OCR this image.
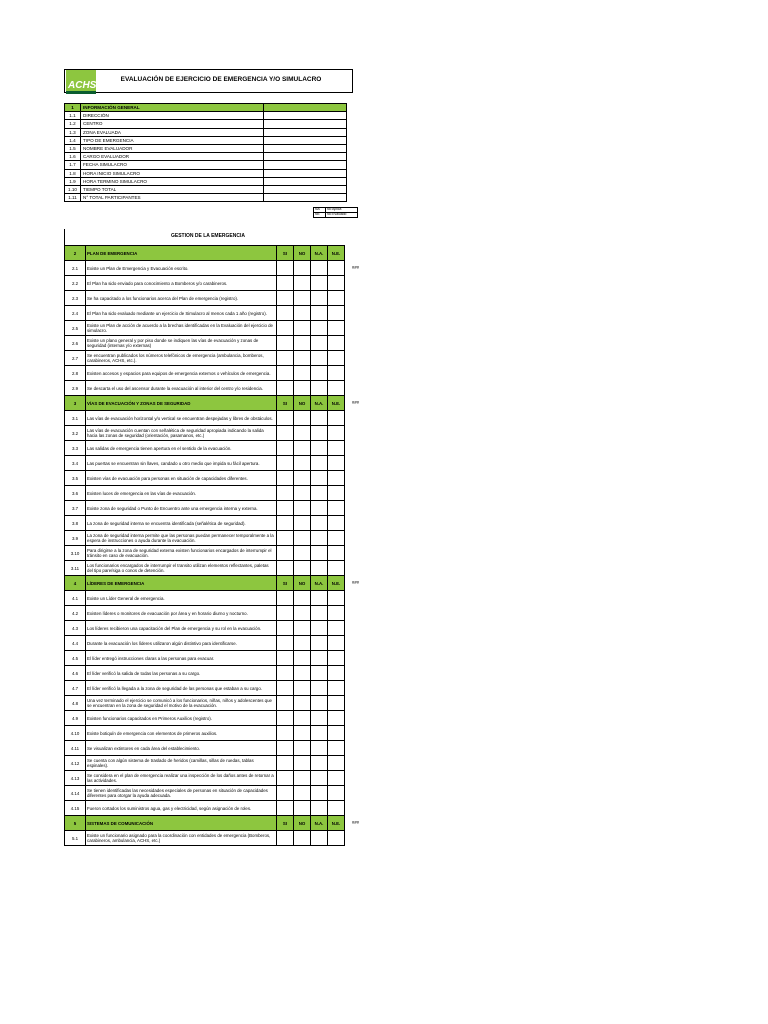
ACHS
EVALUACIÓN DE EJERCICIO DE EMERGENCIA Y/O SIMULACRO
1	INFORMACIÓN GENERAL	
1.1	DIRECCIÓN	
1.2	CENTRO	
1.3	ZONA EVALUADA	
1.4	TIPO DE EMERGENCIA	
1.5	NOMBRE EVALUADOR	
1.6	CARGO EVALUADOR	
1.7	FECHA SIMULACRO	
1.8	HORA INICIO SIMULACRO	
1.9	HORA TERMINO SIMULACRO	
1.10	TIEMPO TOTAL	
1.11	N° TOTAL PARTICIPANTES	
NA	No Aplica
NE	No Evaluado
GESTION DE LA EMERGENCIA
2	PLAN DE EMERGENCIA	SI	NO	N.A.	N.E.
2.1	Existe un Plan de Emergencia y Evacuación escrito.				
2.2	El Plan ha sido enviado para conocimiento a Bomberos y/o carabineros.				
2.3	Se ha capacitado a los funcionarios acerca del Plan de emergencia (registro).				
2.4	El Plan ha sido evaluado mediante un ejercicio de Simulacro al menos cada 1 año (registro).				
2.5	Existe un Plan de acción de acuerdo a la brechas identificadas en la Evaluación del ejercicio de simulacro.				
2.6	Existe un plano general y por piso donde se indiquen las vías de evacuación y zonas de seguridad (internas y/o externas)				
2.7	Se encuentran publicados los números telefónicos de emergencia (ambulancia, bomberos, carabineros, ACHS, etc.).				
2.8	Existen accesos y espacios para equipos de emergencia externos o vehículos de emergencia.				
2.9	Se descarta el uso del ascensor durante la evacuación al interior del centro y/o residencia.				
3	VÍAS DE EVACUACIÓN Y ZONAS DE SEGURIDAD	SI	NO	N.A.	N.E.
3.1	Las vías de evacuación horizontal y/o vertical se encuentran despejadas y libres de obstáculos.				
3.2	Las vías de evacuación cuentan con señalética de seguridad apropiada indicando la salida hacia las zonas de seguridad (orientación, pasamanos, etc.)				
3.3	Las salidas de emergencia tienen apertura en el sentido de la evacuación.				
3.4	Las puertas se encuentran sin llaves, candado u otro medio que impida su fácil apertura.				
3.5	Existen vías de evacuación para personas en situación de capacidades diferentes.				
3.6	Existen luces de emergencia en las vías de evacuación.				
3.7	Existe zona de seguridad o Punto de Encuentro ante una emergencia interna y externa.				
3.8	La zona de seguridad interna se encuentra identificada (señalética de seguridad).				
3.9	La zona de seguridad interna permite que las personas puedan permanecer temporalmente a la espera de instrucciones o ayuda durante la evacuación.				
3.10	Para dirigirse a la zona de seguridad externa existen funcionarios encargados de interrumpir el tránsito en caso de evacuación.				
3.11	Los funcionarios encargados de interrumpir el transito utilizan elementos reflectantes, paletas del tipo pare/siga o conos de detención.				
4	LÍDERES DE EMERGENCIA	SI	NO	N.A.	N.E.
4.1	Existe un Líder General de emergencia.				
4.2	Existen líderes o monitores de evacuación por área y en horario diurno y nocturno.				
4.3	Los líderes recibieron una capacitación del Plan de emergencia y su rol en la evacuación.				
4.4	Durante la evacuación los líderes utilizaron algún distintivo para identificarse.				
4.5	El líder entregó instrucciones claras a las personas para evacuar.				
4.6	El líder verificó la salida de todas las personas a su cargo.				
4.7	El líder verificó la llegada a la zona de seguridad de las personas que estaban a su cargo.				
4.8	Una vez terminado el ejercicio se comunicó a los funcionarios, niñas, niños y adolescentes que se encuentran en la zona de seguridad el motivo de la evacuación.				
4.9	Existen funcionarios capacitados en Primeros Auxilios (registro).				
4.10	Existe botiquín de emergencia con elementos de primeros auxilios.				
4.11	Se visualizan extintores en cada área del establecimiento.				
4.12	Se cuenta con algún sistema de traslado de heridos (camillas, sillas de ruedas, tablas espinales).				
4.13	Se considera en el plan de emergencia realizar una inspección de los daños antes de retornar a las actividades.				
4.14	Se tienen identificadas las necesidades especiales de personas en situación de capacidades diferentes para otorgar la ayuda adecuada.				
4.15	Fueron cortados los suministros agua, gas y electricidad, según asignación de roles.				
5	SISTEMAS DE COMUNICACIÓN	SI	NO	N.A.	N.E.
5.1	Existe un funcionario asignado para la coordinación con entidades de emergencia (Bomberos, carabineros, ambulancia, ACHS, etc.)				
###
###
###
###
